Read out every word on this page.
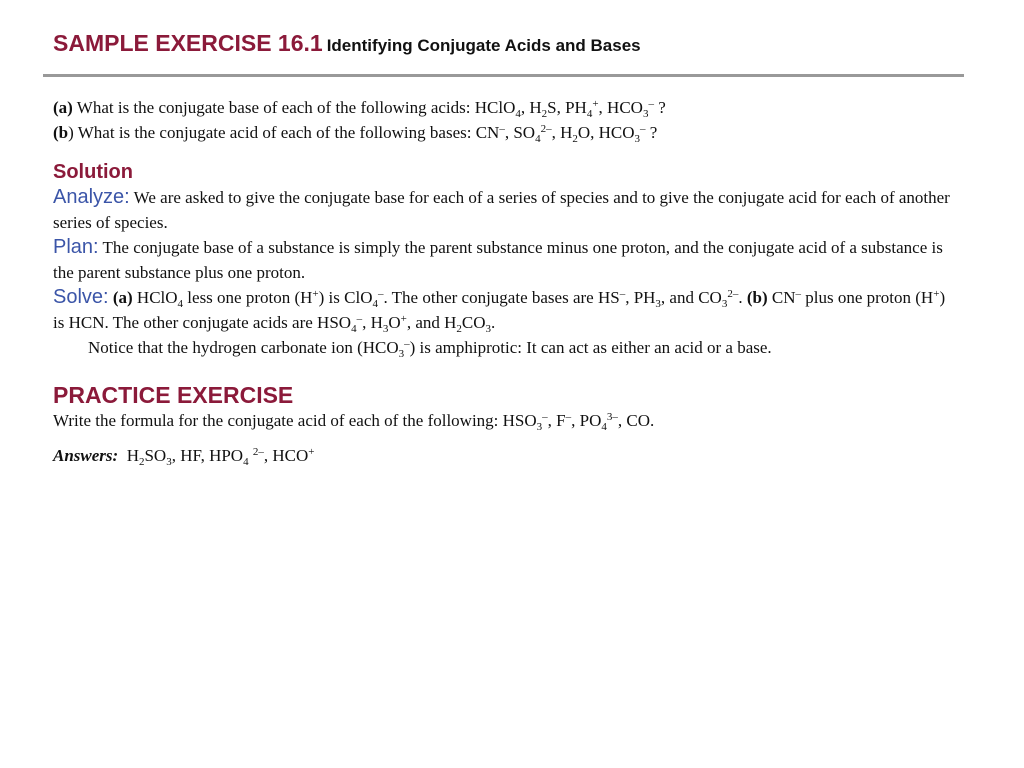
SAMPLE EXERCISE 16.1 Identifying Conjugate Acids and Bases
(a) What is the conjugate base of each of the following acids: HClO$_4$, $H_2S$, $PH_4^+$, $HCO_3^-$ ?
(b) What is the conjugate acid of each of the following bases: CN–, $SO_4^{2-}$, $H_2O$, $HCO_3^-$ ?
Solution
Analyze: We are asked to give the conjugate base for each of a series of species and to give the conjugate acid for each of another series of species.
Plan: The conjugate base of a substance is simply the parent substance minus one proton, and the conjugate acid of a substance is the parent substance plus one proton.
Solve: (a) HClO$_4$ less one proton (H+) is ClO$_4$–. The other conjugate bases are HS–, $PH_3$, and $CO_3^{2-}$. (b) CN– plus one proton (H+) is HCN. The other conjugate acids are $HSO_4^-$, $H_3O^+$, and $H_2CO_3$.
Notice that the hydrogen carbonate ion $(HCO_3^-)$ is amphiprotic: It can act as either an acid or a base.
PRACTICE EXERCISE
Write the formula for the conjugate acid of each of the following: $HSO_3^-$, F–, $PO_4^{3-}$, CO.
Answers:  $H_2SO_3$, HF, $HPO_4$ $^{2-}$, HCO+
